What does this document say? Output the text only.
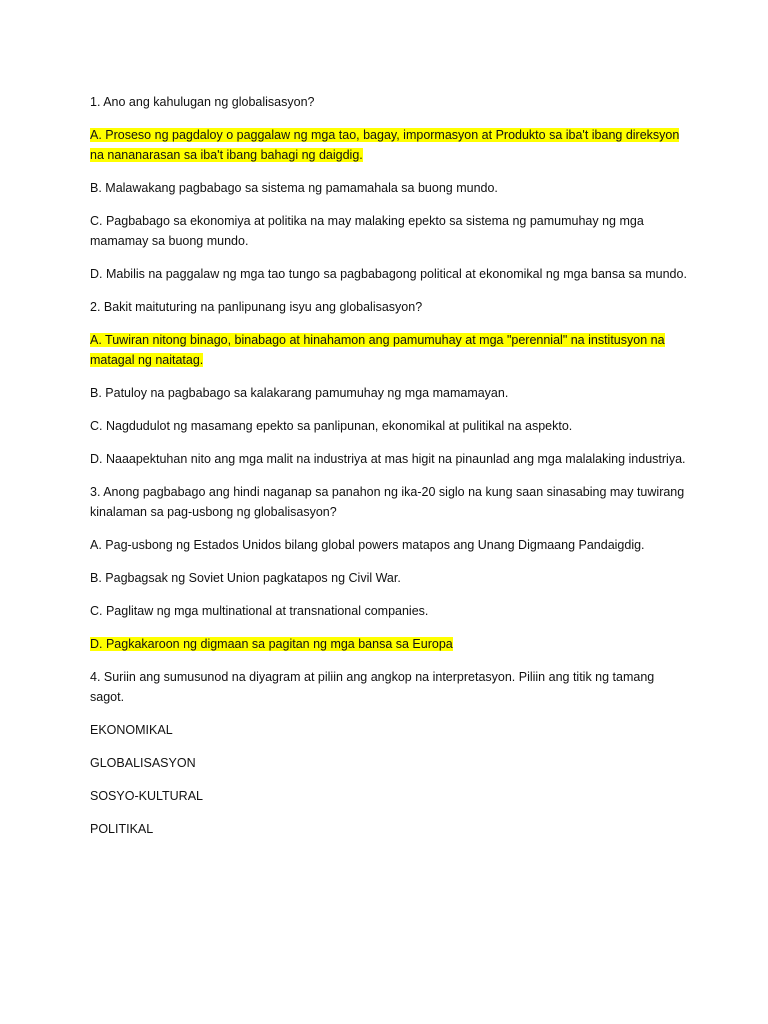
1. Ano ang kahulugan ng globalisasyon?

A. Proseso ng pagdaloy o paggalaw ng mga tao, bagay, impormasyon at Produkto sa iba't ibang direksyon na nananarasan sa iba't ibang bahagi ng daigdig.

B. Malawakang pagbabago sa sistema ng pamamahala sa buong mundo.

C. Pagbabago sa ekonomiya at politika na may malaking epekto sa sistema ng pamumuhay ng mga mamamay sa buong mundo.

D. Mabilis na paggalaw ng mga tao tungo sa pagbabagong political at ekonomikal ng mga bansa sa mundo.

2. Bakit maituturing na panlipunang isyu ang globalisasyon?

A. Tuwiran nitong binago, binabago at hinahamon ang pamumuhay at mga "perennial" na institusyon na matagal ng naitatag.

B. Patuloy na pagbabago sa kalakarang pamumuhay ng mga mamamayan.

C. Nagdudulot ng masamang epekto sa panlipunan, ekonomikal at pulitikal na aspekto.

D. Naaapektuhan nito ang mga malit na industriya at mas higit na pinaunlad ang mga malalaking industriya.

3. Anong pagbabago ang hindi naganap sa panahon ng ika-20 siglo na kung saan sinasabing may tuwirang kinalaman sa pag-usbong ng globalisasyon?

A. Pag-usbong ng Estados Unidos bilang global powers matapos ang Unang Digmaang Pandaigdig.

B. Pagbagsak ng Soviet Union pagkatapos ng Civil War.

C. Paglitaw ng mga multinational at transnational companies.

D. Pagkakaroon ng digmaan sa pagitan ng mga bansa sa Europa

4. Suriin ang sumusunod na diyagram at piliin ang angkop na interpretasyon. Piliin ang titik ng tamang sagot.

EKONOMIKAL

GLOBALISASYON

SOSYO-KULTURAL

POLITIKAL
